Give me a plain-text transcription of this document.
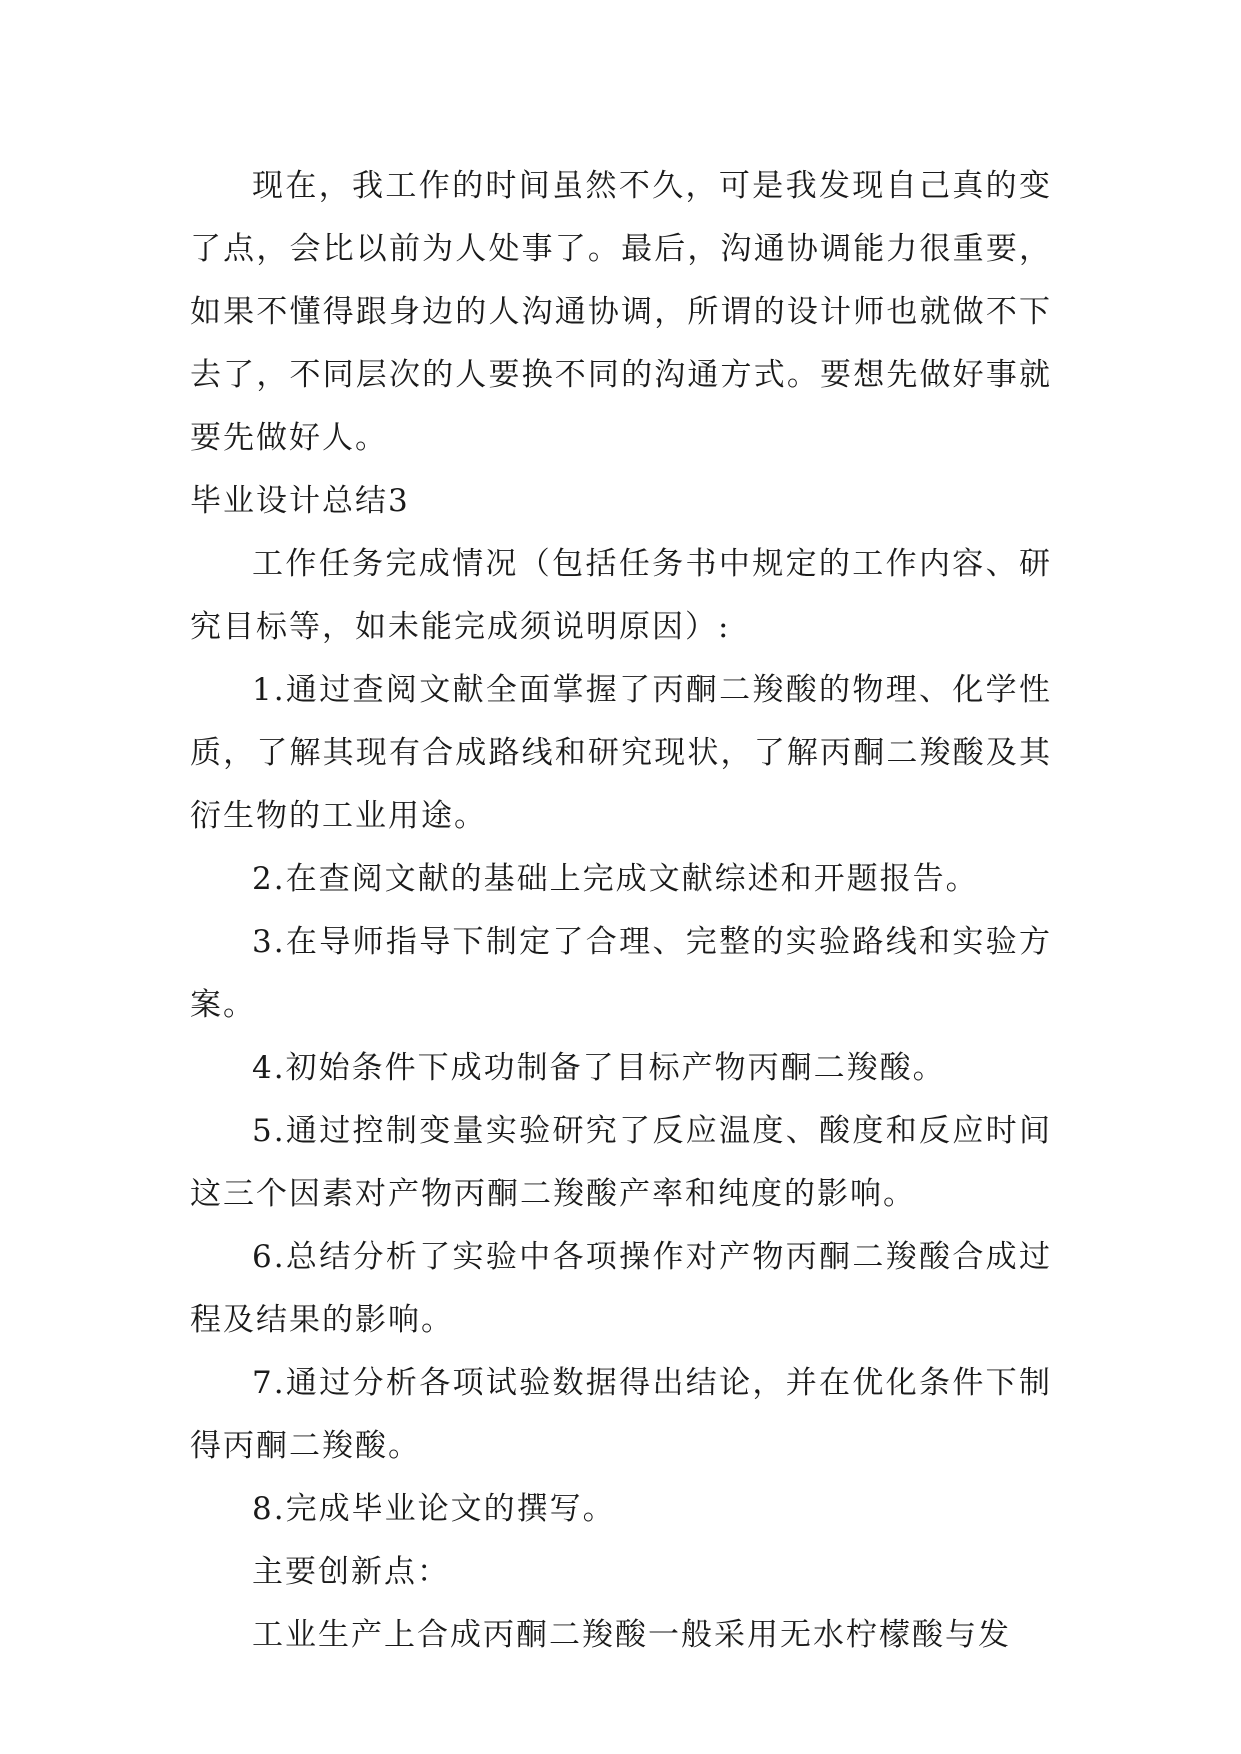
现在，我工作的时间虽然不久，可是我发现自己真的变了点，会比以前为人处事了。最后，沟通协调能力很重要，如果不懂得跟身边的人沟通协调，所谓的设计师也就做不下去了，不同层次的人要换不同的沟通方式。要想先做好事就要先做好人。

毕业设计总结3

工作任务完成情况（包括任务书中规定的工作内容、研究目标等，如未能完成须说明原因）:

1.通过查阅文献全面掌握了丙酮二羧酸的物理、化学性质，了解其现有合成路线和研究现状，了解丙酮二羧酸及其衍生物的工业用途。

2.在查阅文献的基础上完成文献综述和开题报告。

3.在导师指导下制定了合理、完整的实验路线和实验方案。

4.初始条件下成功制备了目标产物丙酮二羧酸。

5.通过控制变量实验研究了反应温度、酸度和反应时间这三个因素对产物丙酮二羧酸产率和纯度的影响。

6.总结分析了实验中各项操作对产物丙酮二羧酸合成过程及结果的影响。

7.通过分析各项试验数据得出结论，并在优化条件下制得丙酮二羧酸。

8.完成毕业论文的撰写。

主要创新点：

工业生产上合成丙酮二羧酸一般采用无水柠檬酸与发
